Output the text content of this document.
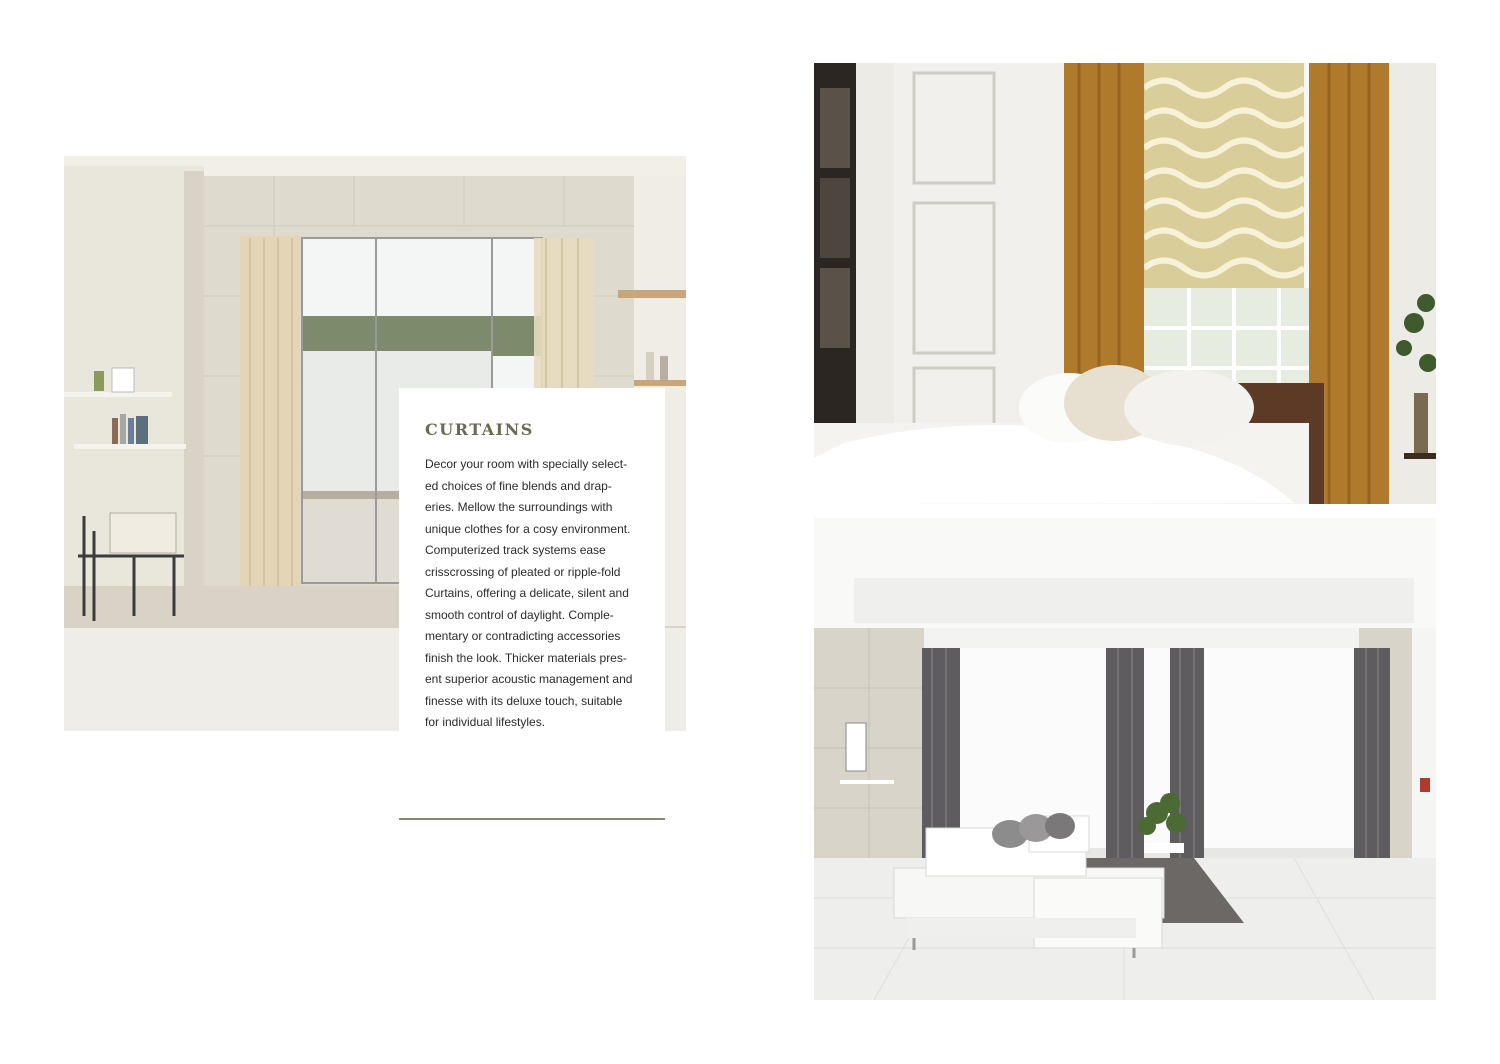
CURTAINS

Decor your room with specially select-
ed choices of fine blends and drap-
eries. Mellow the surroundings with
unique clothes for a cosy environment.
Computerized track systems ease
crisscrossing of pleated or ripple-fold
Curtains, offering a delicate, silent and
smooth control of daylight. Comple-
mentary or contradicting accessories
finish the look. Thicker materials pres-
ent superior acoustic management and
finesse with its deluxe touch, suitable
for individual lifestyles.
